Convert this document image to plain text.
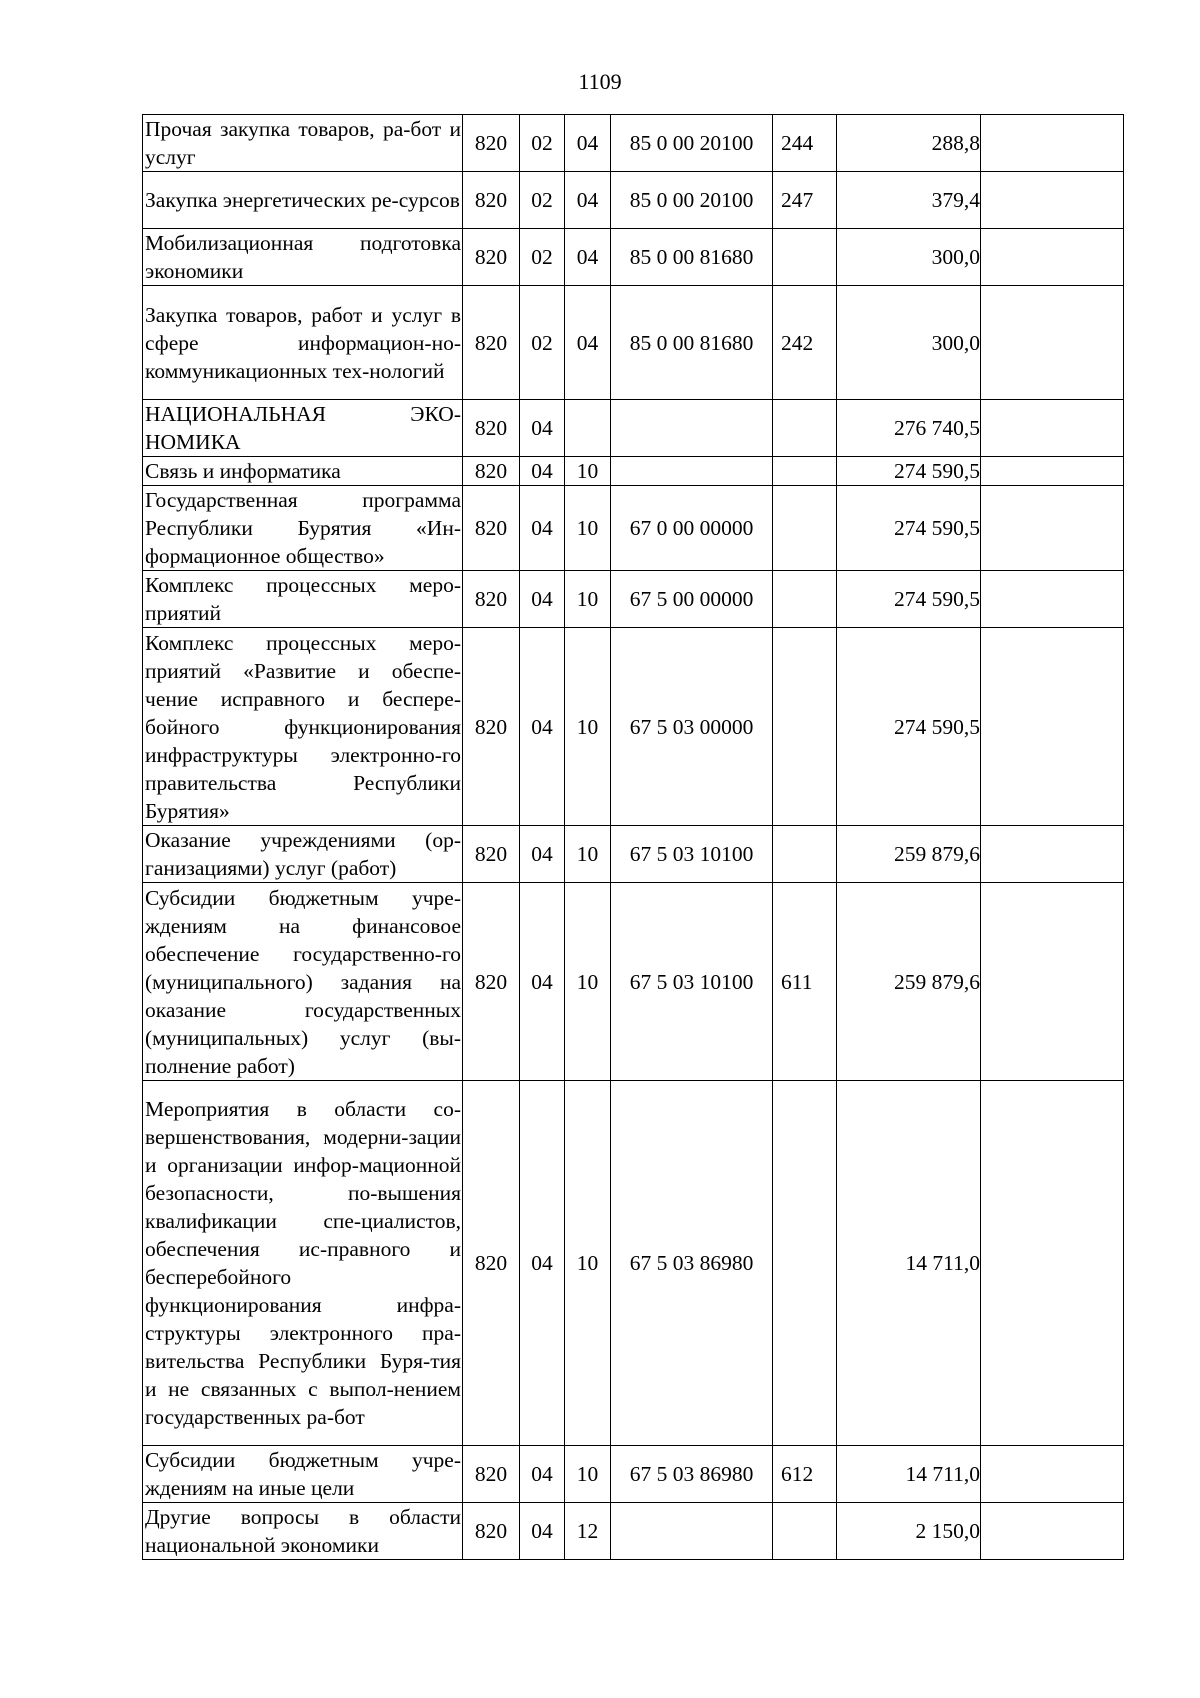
1109
Прочая закупка товаров, ра-бот и услуг	820	02	04	85 0 00 20100	244	288,8	
Закупка энергетических ре-сурсов	820	02	04	85 0 00 20100	247	379,4	
Мобилизационная подготовка экономики	820	02	04	85 0 00 81680		300,0	
Закупка товаров, работ и услуг в сфере информацион-но-коммуникационных тех-нологий	820	02	04	85 0 00 81680	242	300,0	
НАЦИОНАЛЬНАЯ ЭКО-НОМИКА	820	04				276 740,5	
Связь и информатика	820	04	10			274 590,5	
Государственная программа Республики Бурятия «Ин-формационное общество»	820	04	10	67 0 00 00000		274 590,5	
Комплекс процессных меро-приятий	820	04	10	67 5 00 00000		274 590,5	
Комплекс процессных меро-приятий «Развитие и обеспе-чение исправного и беспере-бойного функционирования инфраструктуры электронно-го правительства Республики Бурятия»	820	04	10	67 5 03 00000		274 590,5	
Оказание учреждениями (ор-ганизациями) услуг (работ)	820	04	10	67 5 03 10100		259 879,6	
Субсидии бюджетным учре-ждениям на финансовое обеспечение государственно-го (муниципального) задания на оказание государственных (муниципальных) услуг (вы-полнение работ)	820	04	10	67 5 03 10100	611	259 879,6	
Мероприятия в области со-вершенствования, модерни-зации и организации инфор-мационной безопасности, по-вышения квалификации спе-циалистов, обеспечения ис-правного и бесперебойного функционирования инфра-структуры электронного пра-вительства Республики Буря-тия и не связанных с выпол-нением государственных ра-бот	820	04	10	67 5 03 86980		14 711,0	
Субсидии бюджетным учре-ждениям на иные цели	820	04	10	67 5 03 86980	612	14 711,0	
Другие вопросы в области национальной экономики	820	04	12			2 150,0	
